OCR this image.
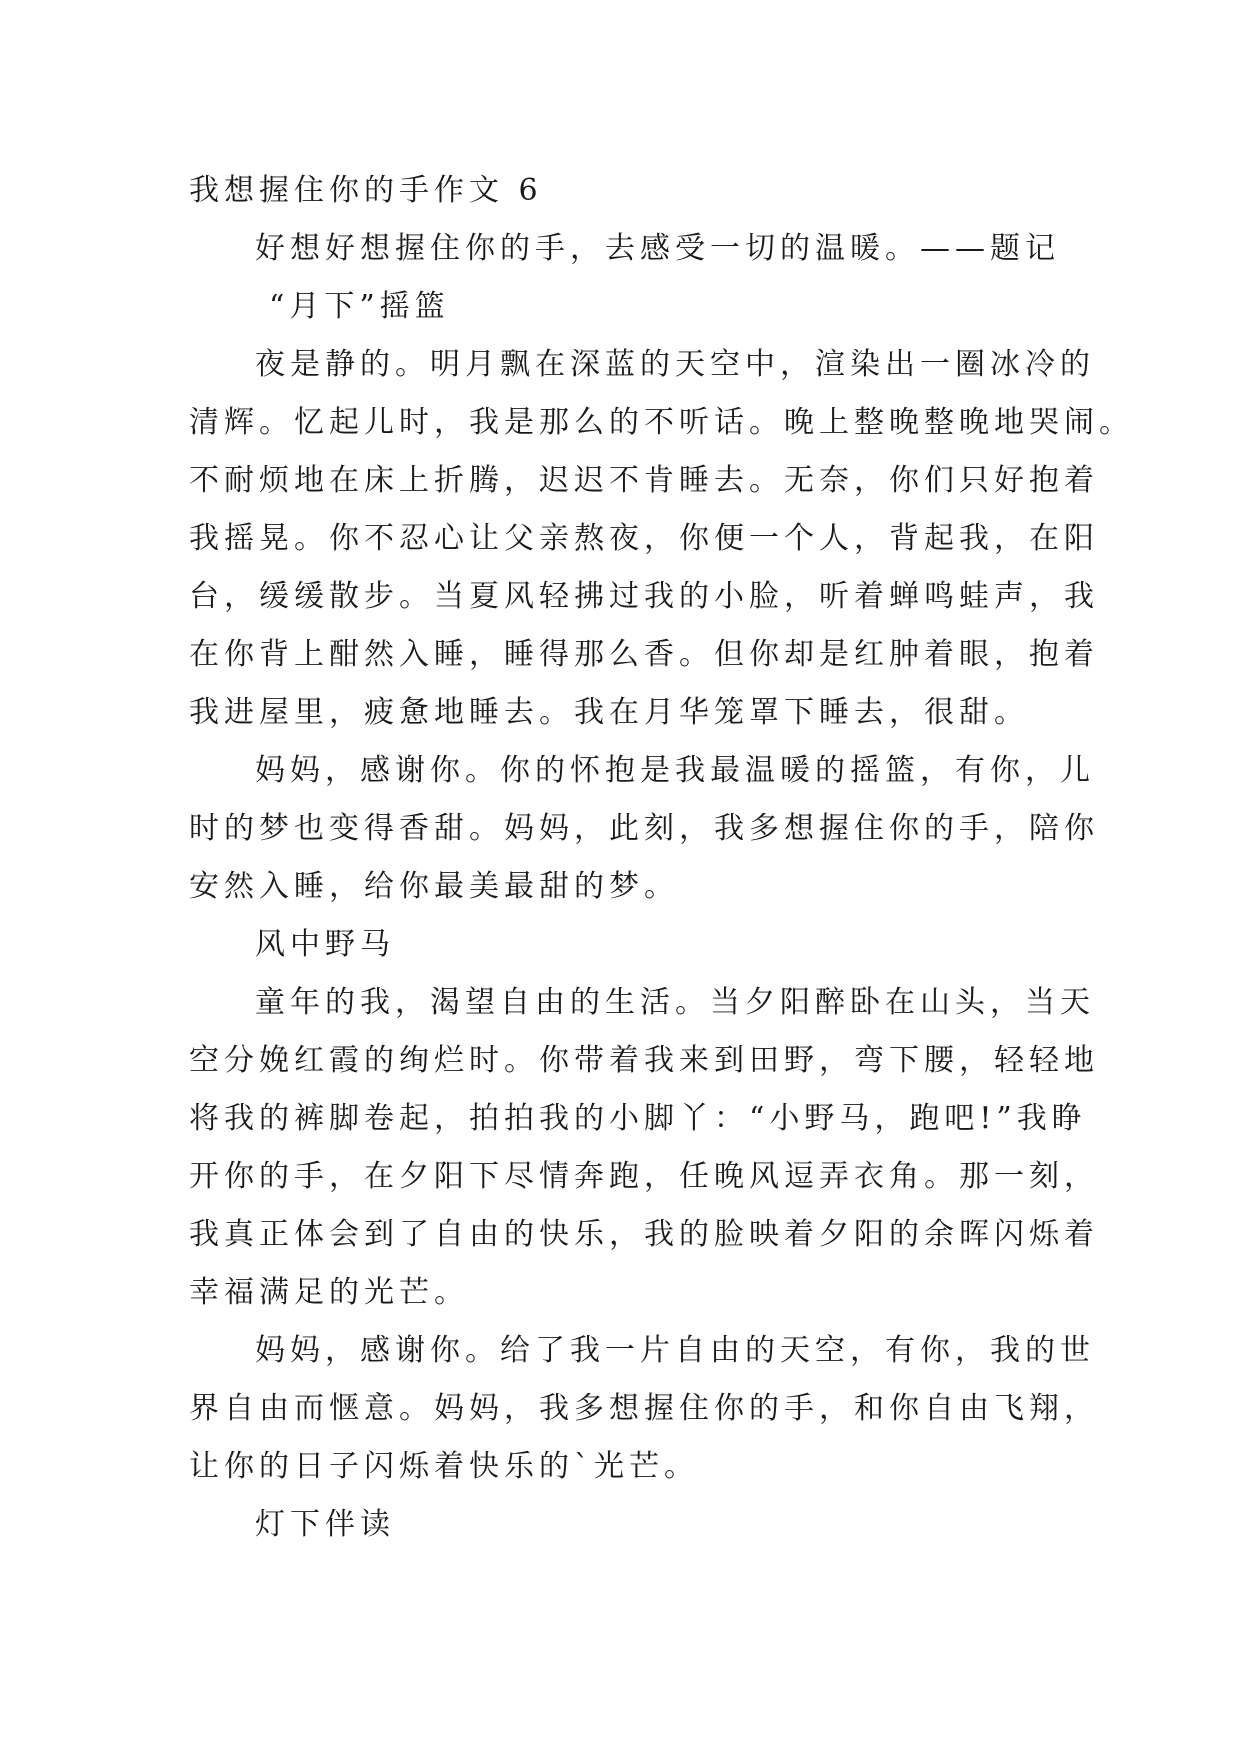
我想握住你的手作文 6
好想好想握住你的手，去感受一切的温暖。——题记
“月下”摇篮
夜是静的。明月飘在深蓝的天空中，渲染出一圈冰冷的
清辉。忆起儿时，我是那么的不听话。晚上整晚整晚地哭闹。
不耐烦地在床上折腾，迟迟不肯睡去。无奈，你们只好抱着
我摇晃。你不忍心让父亲熬夜，你便一个人，背起我，在阳
台，缓缓散步。当夏风轻拂过我的小脸，听着蝉鸣蛙声，我
在你背上酣然入睡，睡得那么香。但你却是红肿着眼，抱着
我进屋里，疲惫地睡去。我在月华笼罩下睡去，很甜。
妈妈，感谢你。你的怀抱是我最温暖的摇篮，有你，儿
时的梦也变得香甜。妈妈，此刻，我多想握住你的手，陪你
安然入睡，给你最美最甜的梦。
风中野马
童年的我，渴望自由的生活。当夕阳醉卧在山头，当天
空分娩红霞的绚烂时。你带着我来到田野，弯下腰，轻轻地
将我的裤脚卷起，拍拍我的小脚丫：“小野马，跑吧!”我睁
开你的手，在夕阳下尽情奔跑，任晚风逗弄衣角。那一刻，
我真正体会到了自由的快乐，我的脸映着夕阳的余晖闪烁着
幸福满足的光芒。
妈妈，感谢你。给了我一片自由的天空，有你，我的世
界自由而惬意。妈妈，我多想握住你的手，和你自由飞翔，
让你的日子闪烁着快乐的`光芒。
灯下伴读
